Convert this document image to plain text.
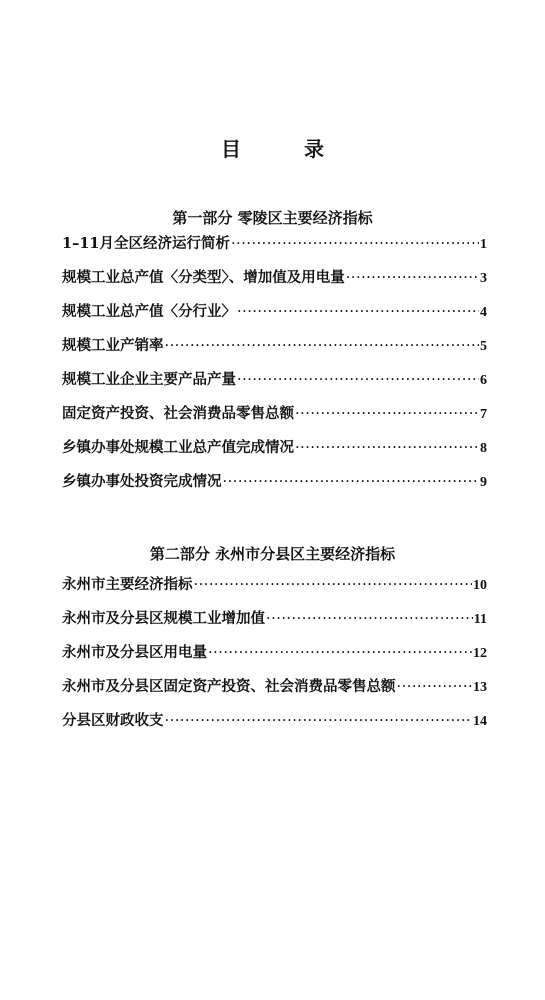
目 录
第一部分 零陵区主要经济指标
1–11月全区经济运行简析 ·····	1
规模工业总产值〈分类型〉、增加值及用电量 ·····	3
规模工业总产值〈分行业〉 ·····	4
规模工业产销率 ·····	5
规模工业企业主要产品产量 ·····	6
固定资产投资、社会消费品零售总额 ·····	7
乡镇办事处规模工业总产值完成情况 ·····	8
乡镇办事处投资完成情况 ·····	9
第二部分 永州市分县区主要经济指标
永州市主要经济指标 ·····	10
永州市及分县区规模工业增加值 ·····	11
永州市及分县区用电量 ·····	12
永州市及分县区固定资产投资、社会消费品零售总额 ·····	13
分县区财政收支 ·····	14
